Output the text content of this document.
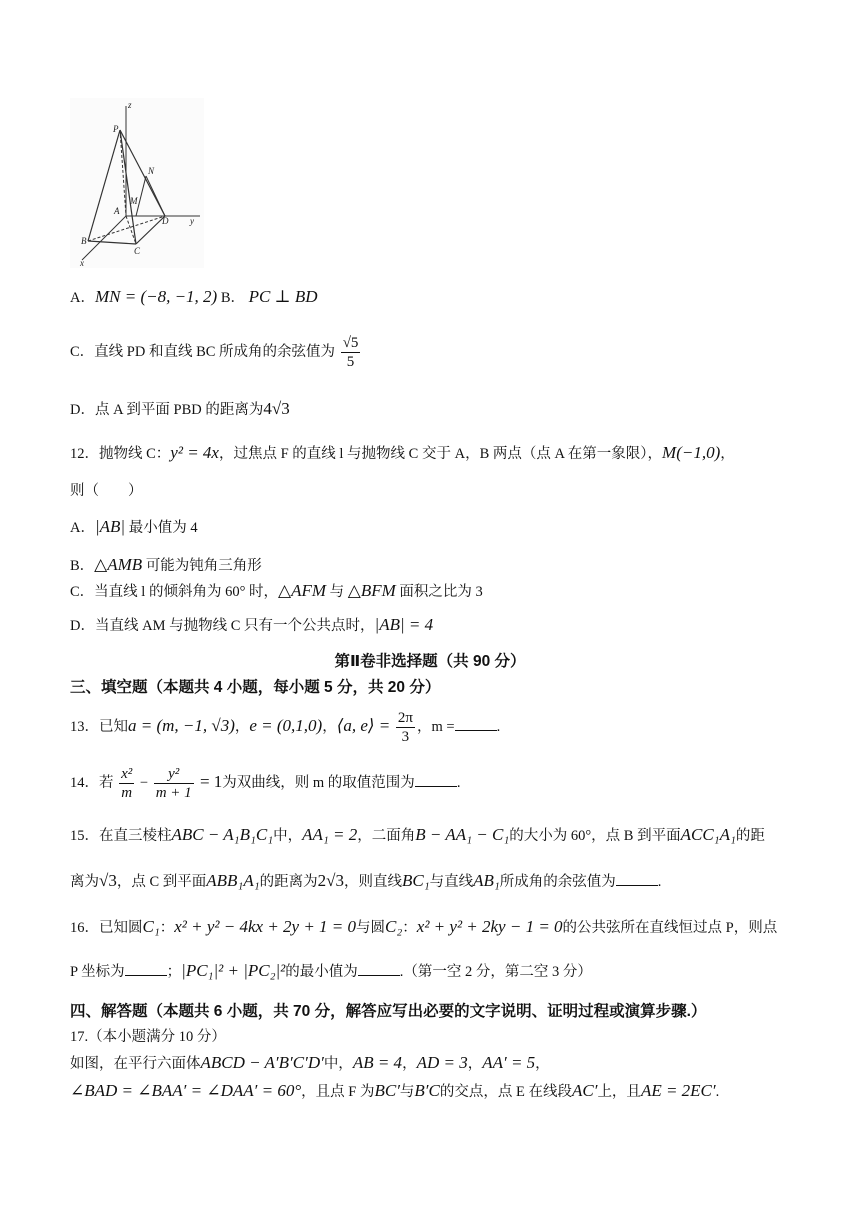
z
P
N
M
A
D y
B
C
x
A．MN = (−8, −1, 2) B． PC ⊥ BD
C．直线 PD 和直线 BC 所成角的余弦值为 $\frac{√5}{5}$
D．点 A 到平面 PBD 的距离为4√3
12．抛物线 C：y² = 4x，过焦点 F 的直线 l 与抛物线 C 交于 A，B 两点（点 A 在第一象限），M(−1,0)，
则（　　）
A．|AB| 最小值为 4
B．△AMB 可能为钝角三角形
C．当直线 l 的倾斜角为 60° 时，△AFM 与 △BFM 面积之比为 3
D．当直线 AM 与抛物线 C 只有一个公共点时，|AB| = 4
第Ⅱ卷非选择题（共 90 分）
三、填空题（本题共 4 小题，每小题 5 分，共 20 分）
13．已知a = (m, −1, √3)，e = (0,1,0)，⟨a, e⟩ = $\frac{2\pi}{3}$ ，m =	.
14．若 $\frac{\text{x²}}{m} - \frac{\text{y²}}{m + 1} = 1$为双曲线，则 m 的取值范围为	.
15．在直三棱柱ABC − A₁B₁C₁中，AA₁ = 2，二面角B − AA₁ − C₁的大小为 60°，点 B 到平面ACC₁A₁的距
离为√3，点 C 到平面ABB₁A₁的距离为2√3，则直线BC₁与直线AB₁所成角的余弦值为	.
16．已知圆C₁：x² + y² − 4kx + 2y + 1 = 0与圆C₂：x² + y² + 2ky − 1 = 0的公共弦所在直线恒过点 P，则点
P 坐标为	；|PC₁|² + |PC₂|²的最小值为	.（第一空 2 分，第二空 3 分）
四、解答题（本题共 6 小题，共 70 分，解答应写出必要的文字说明、证明过程或演算步骤.）
17.（本小题满分 10 分）
如图，在平行六面体ABCD − A′B′C′D′中，AB = 4，AD = 3，AA′ = 5，
∠BAD = ∠BAA′ = ∠DAA′ = 60°，且点 F 为BC′与B′C的交点，点 E 在线段AC′上，且AE = 2EC′.
